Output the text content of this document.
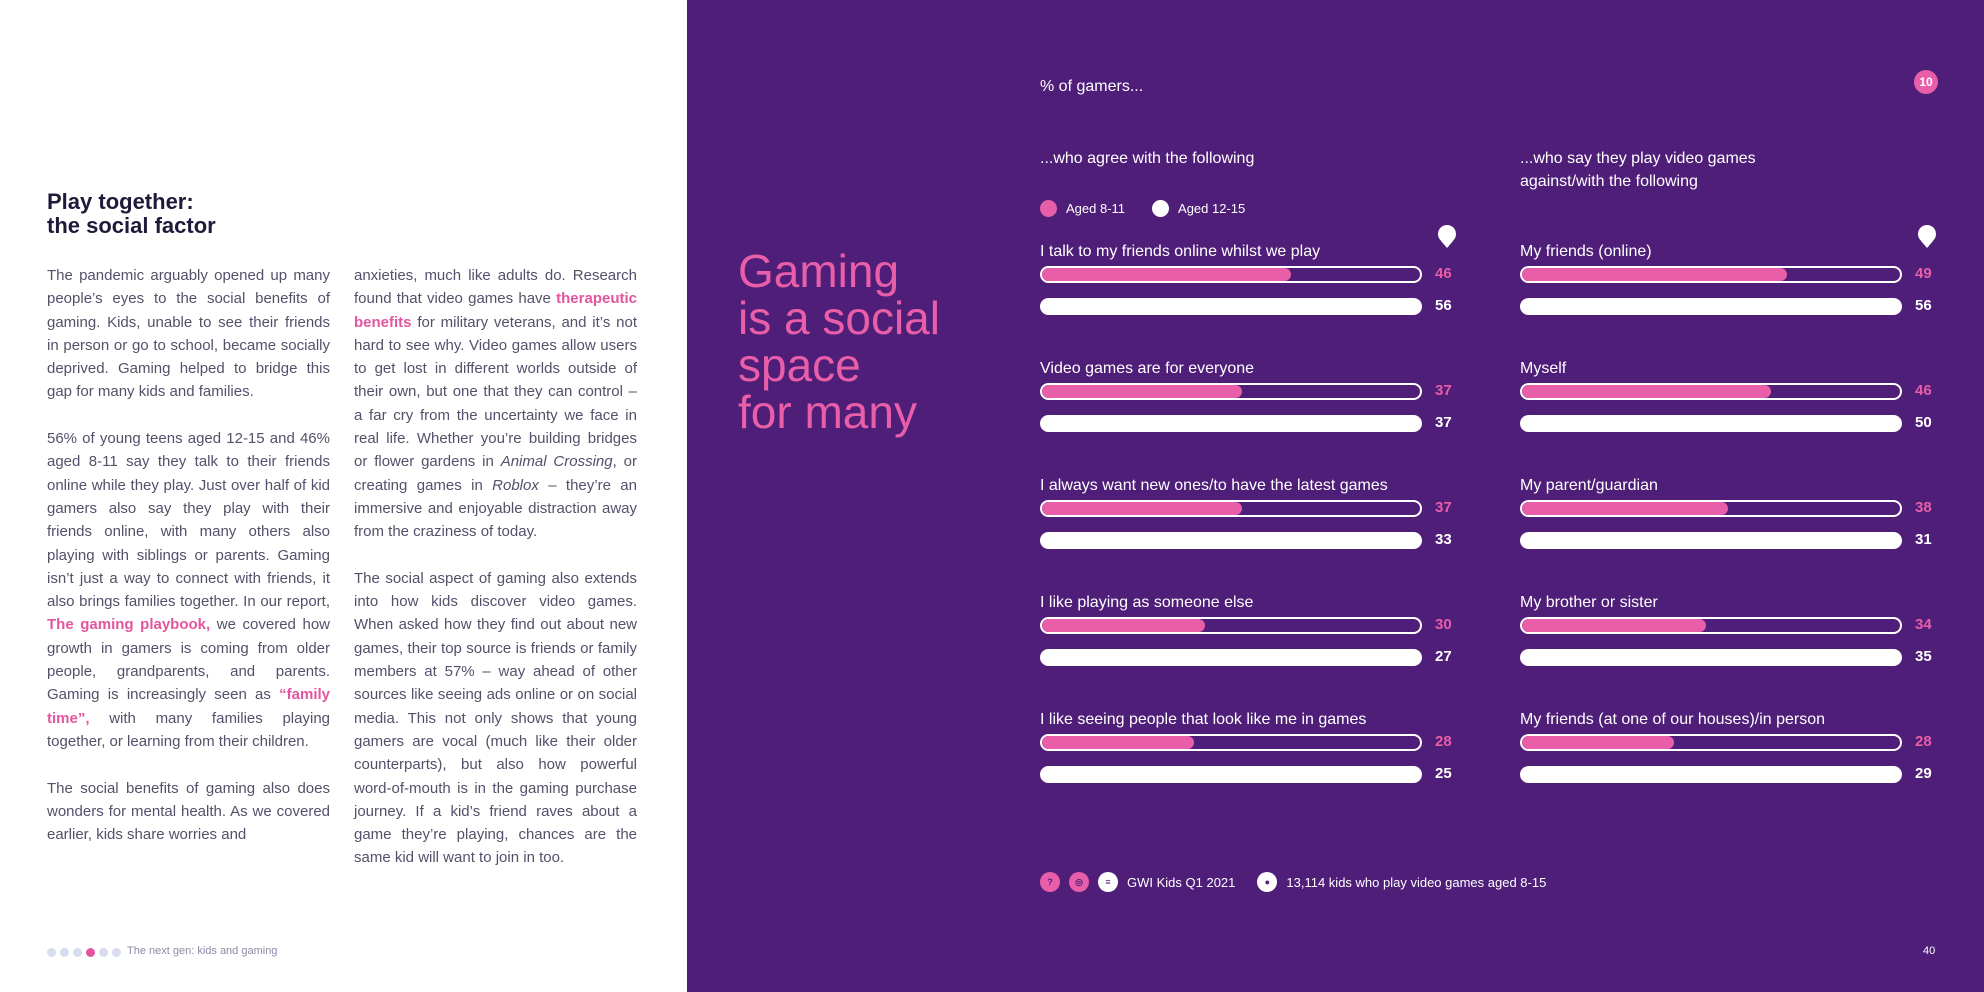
Play together:
the social factor

The pandemic arguably opened up many people’s eyes to the social benefits of gaming. Kids, unable to see their friends in person or go to school, became socially deprived. Gaming helped to bridge this gap for many kids and families.

56% of young teens aged 12-15 and 46% aged 8-11 say they talk to their friends online while they play. Just over half of kid gamers also say they play with their friends online, with many others also playing with siblings or parents. Gaming isn’t just a way to connect with friends, it also brings families together. In our report, The gaming playbook, we covered how growth in gamers is coming from older people, grandparents, and parents. Gaming is increasingly seen as “family time”, with many families playing together, or learning from their children.

The social benefits of gaming also does wonders for mental health. As we covered earlier, kids share worries and

anxieties, much like adults do. Research found that video games have therapeutic benefits for military veterans, and it’s not hard to see why. Video games allow users to get lost in different worlds outside of their own, but one that they can control – a far cry from the uncertainty we face in real life. Whether you’re building bridges or flower gardens in Animal Crossing, or creating games in Roblox – they’re an immersive and enjoyable distraction away from the craziness of today.

The social aspect of gaming also extends into how kids discover video games. When asked how they find out about new games, their top source is friends or family members at 57% – way ahead of other sources like seeing ads online or on social media. This not only shows that young gamers are vocal (much like their older counterparts), but also how powerful word-of-mouth is in the gaming purchase journey. If a kid’s friend raves about a game they’re playing, chances are the same kid will want to join in too.

The next gen: kids and gaming
Gaming
is a social
space
for many
% of gamers...	10
...who agree with the following	...who say they play video games against/with the following
Aged 8-11	Aged 12-15
I talk to my friends online whilst we play
46
56
Video games are for everyone
37
37
I always want new ones/to have the latest games
37
33
I like playing as someone else
30
27
I like seeing people that look like me in games
28
25
My friends (online)
49
56
Myself
46
50
My parent/guardian
38
31
My brother or sister
34
35
My friends (at one of our houses)/in person
28
29
?	◎	≡	GWI Kids Q1 2021	●	13,114 kids who play video games aged 8-15
40
